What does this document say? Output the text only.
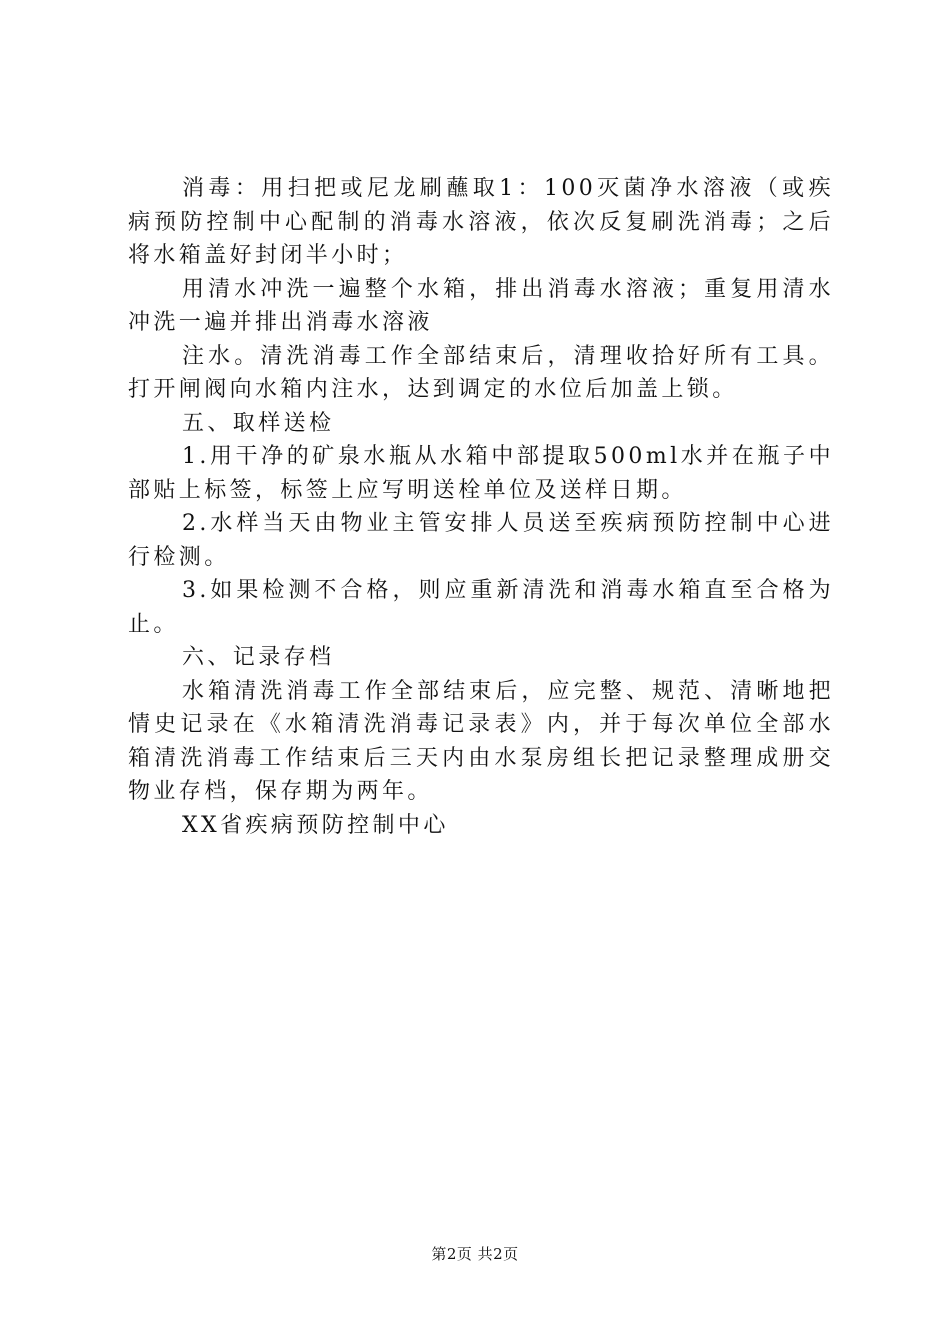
消毒：用扫把或尼龙刷蘸取1：100灭菌净水溶液（或疾病预防控制中心配制的消毒水溶液，依次反复刷洗消毒；之后将水箱盖好封闭半小时；

用清水冲洗一遍整个水箱，排出消毒水溶液；重复用清水冲洗一遍并排出消毒水溶液

注水。清洗消毒工作全部结束后，清理收拾好所有工具。打开闸阀向水箱内注水，达到调定的水位后加盖上锁。

五、取样送检

1.用干净的矿泉水瓶从水箱中部提取500ml水并在瓶子中部贴上标签，标签上应写明送栓单位及送样日期。

2.水样当天由物业主管安排人员送至疾病预防控制中心进行检测。

3.如果检测不合格，则应重新清洗和消毒水箱直至合格为止。

六、记录存档

水箱清洗消毒工作全部结束后，应完整、规范、清晰地把情史记录在《水箱清洗消毒记录表》内，并于每次单位全部水箱清洗消毒工作结束后三天内由水泵房组长把记录整理成册交物业存档，保存期为两年。

XX省疾病预防控制中心

第2页 共2页
